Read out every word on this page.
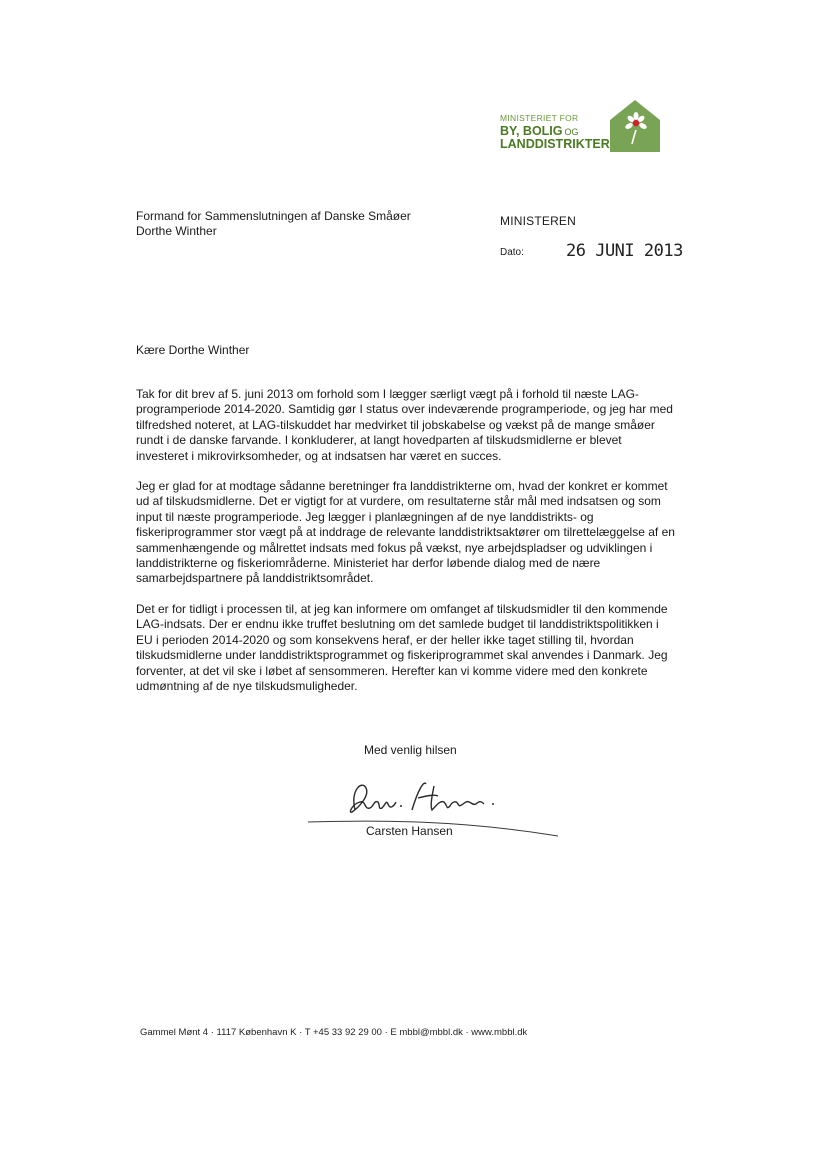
MINISTERIET FOR
BY, BOLIG OG
LANDDISTRIKTER
Formand for Sammenslutningen af Danske Småøer
Dorthe Winther
MINISTEREN
Dato: 26 JUNI 2013
Kære Dorthe Winther

Tak for dit brev af 5. juni 2013 om forhold som I lægger særligt vægt på i forhold til næste LAG-programperiode 2014-2020. Samtidig gør I status over indeværende programperiode, og jeg har med tilfredshed noteret, at LAG-tilskuddet har medvirket til jobskabelse og vækst på de mange småøer rundt i de danske farvande. I konkluderer, at langt hovedparten af tilskudsmidlerne er blevet investeret i mikrovirksomheder, og at indsatsen har været en succes.

Jeg er glad for at modtage sådanne beretninger fra landdistrikterne om, hvad der konkret er kommet ud af tilskudsmidlerne. Det er vigtigt for at vurdere, om resultaterne står mål med indsatsen og som input til næste programperiode. Jeg lægger i planlægningen af de nye landdistrikts- og fiskeriprogrammer stor vægt på at inddrage de relevante landdistriktsaktører om tilrettelæggelse af en sammenhængende og målrettet indsats med fokus på vækst, nye arbejdspladser og udviklingen i landdistrikterne og fiskeriområderne. Ministeriet har derfor løbende dialog med de nære samarbejdspartnere på landdistriktsområdet.

Det er for tidligt i processen til, at jeg kan informere om omfanget af tilskudsmidler til den kommende LAG-indsats. Der er endnu ikke truffet beslutning om det samlede budget til landdistriktspolitikken i EU i perioden 2014-2020 og som konsekvens heraf, er der heller ikke taget stilling til, hvordan tilskudsmidlerne under landdistriktsprogrammet og fiskeriprogrammet skal anvendes i Danmark. Jeg forventer, at det vil ske i løbet af sensommeren. Herefter kan vi komme videre med den konkrete udmøntning af de nye tilskudsmuligheder.

Med venlig hilsen
Carsten Hansen
Gammel Mønt 4 · 1117 København K · T +45 33 92 29 00 · E mbbl@mbbl.dk · www.mbbl.dk
